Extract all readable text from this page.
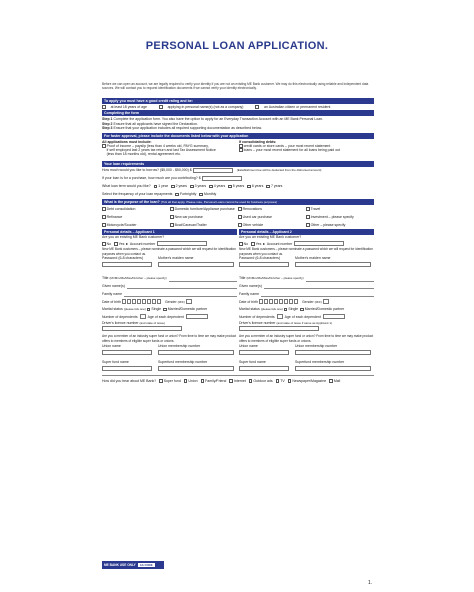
PERSONAL LOAN APPLICATION.
Before we can open an account, we are legally required to verify your identity if you are not an existing ME Bank customer. We may do this electronically using reliable and independent data sources. We will contact you to request identification documents if we cannot verify your identity electronically.
To apply you must have a good credit rating and be:
at least 18 years of age	applying in personal name(s) (not as a company)	an Australian citizen or permanent resident
Completing the form
Step 1
Complete the application form. You also have the option to apply for an Everyday Transaction Account with an ME Bank Personal Loan.
Step 2
Ensure that all applicants have signed the Declaration.
Step 3
Ensure that your application includes all required supporting documentation as described below.
For faster approval, please include the documents listed below with your application
All applications must include:
Proof of income – payslip (less than 4 weeks old, PAYG summary,
if self employed last 2 years tax return and last Tax Assessment Notice
(less than 18 months old), rental agreement etc.
If consolidating debts:
credit cards or store cards – your most recent statement
loans – your most recent statement for all loans being paid out
Your loan requirements
How much would you like to borrow? ($5,000 - $50,000)
$	(Establishment fee will be deducted from the disbursed amount)
If your loan is for a purchase, how much are you contributing?
$
What loan term would you like? 1 year 2 years 3 years 4 years 5 years 6 years 7 years
Select the frequency of your loan repayments Fortnightly Monthly
What is the purpose of the loan? (Tick all that apply. Please note, Personal Loans cannot be used for business purposes)
Debt consolidation	Domestic furniture/Appliance purchase Renovations	Travel
Refinance	New car purchase	Used car purchase	Investment – please specify
Motorcycle/Scooter	Boat/Caravan/Trailer	Other vehicle	Other – please specify
Personal details – Applicant 1
Are you an existing ME Bank customer?
No Yes ► Account number
New ME Bank customers – please nominate a password which we will request for identification purposes when you contact us.
Password (6-8 characters)	Mother's maiden name
Title
(Mr/Mrs/Ms/Miss/Dr/other – please specify)
Given name(s)
Family name
Date of birth
	Gender
(M/F)
Marital status
(please tick one)
Single Married/Domestic partner
Number of dependents	Age of each dependent
Driver's licence number
(and state of issue)
Are you a member of an industry super fund or union? From time to time we may make product offers to members of eligible super funds or unions.
Union name	Union membership number
Super fund name	Superfund membership number
Personal details – Applicant 2
Are you an existing ME Bank customer?
No Yes ► Account number
New ME Bank customers – please nominate a password which we will request for identification purposes when you contact us.
Password (6-8 characters)	Mother's maiden name
Title
(Mr/Mrs/Ms/Miss/Dr/other – please specify)
Given name(s)
Family name
Date of birth
	Gender
(M/F)
Marital status
(please tick one)
Single Married/Domestic partner
Number of dependents	Age of each dependent
Driver's licence number
(and state of issue if same as Applicant 1)
Are you a member of an industry super fund or union? From time to time we may make product offers to members of eligible super funds or unions.
Union name	Union membership number
Super fund name	Superfund membership number
How did you hear about ME Bank? Super fund Union Family/Friend Internet Outdoor ads TV Newspaper/Magazine Mail
ME BANK USE ONLY AA CODE
1.
